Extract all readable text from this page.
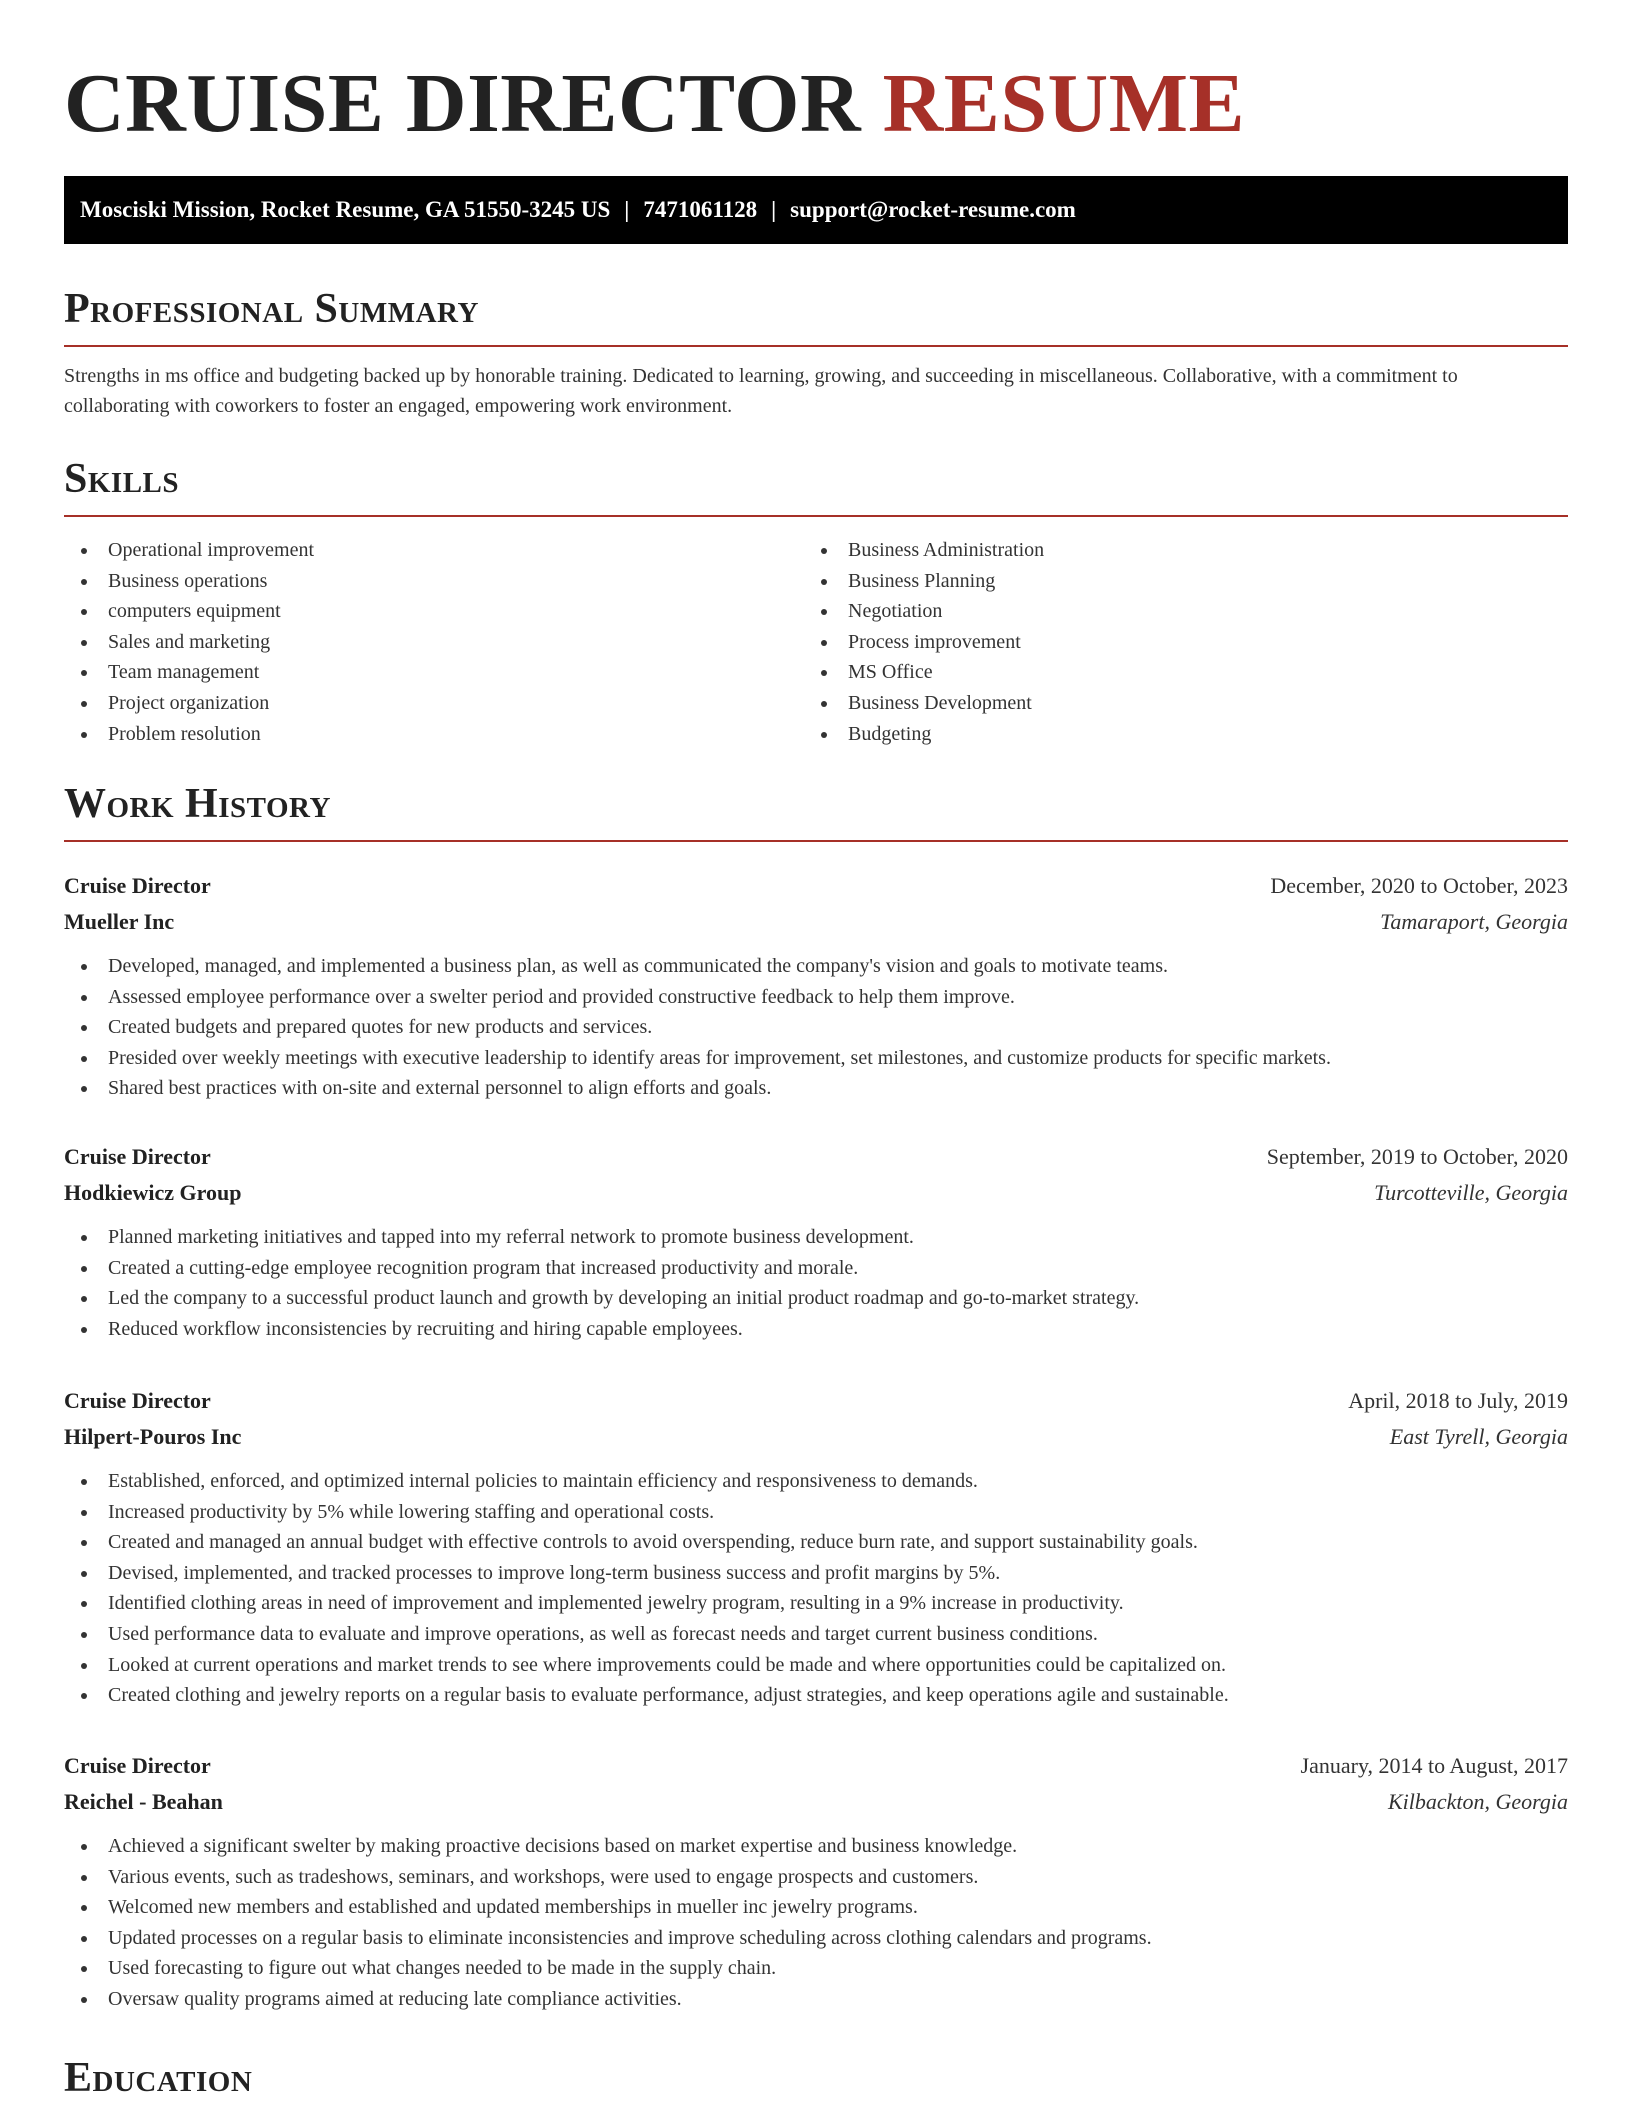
CRUISE DIRECTOR RESUME
Mosciski Mission, Rocket Resume, GA 51550-3245 US | 7471061128 | support@rocket-resume.com
Professional Summary

Strengths in ms office and budgeting backed up by honorable training. Dedicated to learning, growing, and succeeding in miscellaneous. Collaborative, with a commitment to collaborating with coworkers to foster an engaged, empowering work environment.

Skills
Operational improvement
Business operations
computers equipment
Sales and marketing
Team management
Project organization
Problem resolution
Business Administration
Business Planning
Negotiation
Process improvement
MS Office
Business Development
Budgeting
Work History
Cruise Director	December, 2020 to October, 2023
Mueller Inc	Tamaraport, Georgia
Developed, managed, and implemented a business plan, as well as communicated the company's vision and goals to motivate teams.
Assessed employee performance over a swelter period and provided constructive feedback to help them improve.
Created budgets and prepared quotes for new products and services.
Presided over weekly meetings with executive leadership to identify areas for improvement, set milestones, and customize products for specific markets.
Shared best practices with on-site and external personnel to align efforts and goals.
Cruise Director	September, 2019 to October, 2020
Hodkiewicz Group	Turcotteville, Georgia
Planned marketing initiatives and tapped into my referral network to promote business development.
Created a cutting-edge employee recognition program that increased productivity and morale.
Led the company to a successful product launch and growth by developing an initial product roadmap and go-to-market strategy.
Reduced workflow inconsistencies by recruiting and hiring capable employees.
Cruise Director	April, 2018 to July, 2019
Hilpert-Pouros Inc	East Tyrell, Georgia
Established, enforced, and optimized internal policies to maintain efficiency and responsiveness to demands.
Increased productivity by 5% while lowering staffing and operational costs.
Created and managed an annual budget with effective controls to avoid overspending, reduce burn rate, and support sustainability goals.
Devised, implemented, and tracked processes to improve long-term business success and profit margins by 5%.
Identified clothing areas in need of improvement and implemented jewelry program, resulting in a 9% increase in productivity.
Used performance data to evaluate and improve operations, as well as forecast needs and target current business conditions.
Looked at current operations and market trends to see where improvements could be made and where opportunities could be capitalized on.
Created clothing and jewelry reports on a regular basis to evaluate performance, adjust strategies, and keep operations agile and sustainable.
Cruise Director	January, 2014 to August, 2017
Reichel - Beahan	Kilbackton, Georgia
Achieved a significant swelter by making proactive decisions based on market expertise and business knowledge.
Various events, such as tradeshows, seminars, and workshops, were used to engage prospects and customers.
Welcomed new members and established and updated memberships in mueller inc jewelry programs.
Updated processes on a regular basis to eliminate inconsistencies and improve scheduling across clothing calendars and programs.
Used forecasting to figure out what changes needed to be made in the supply chain.
Oversaw quality programs aimed at reducing late compliance activities.
Education
